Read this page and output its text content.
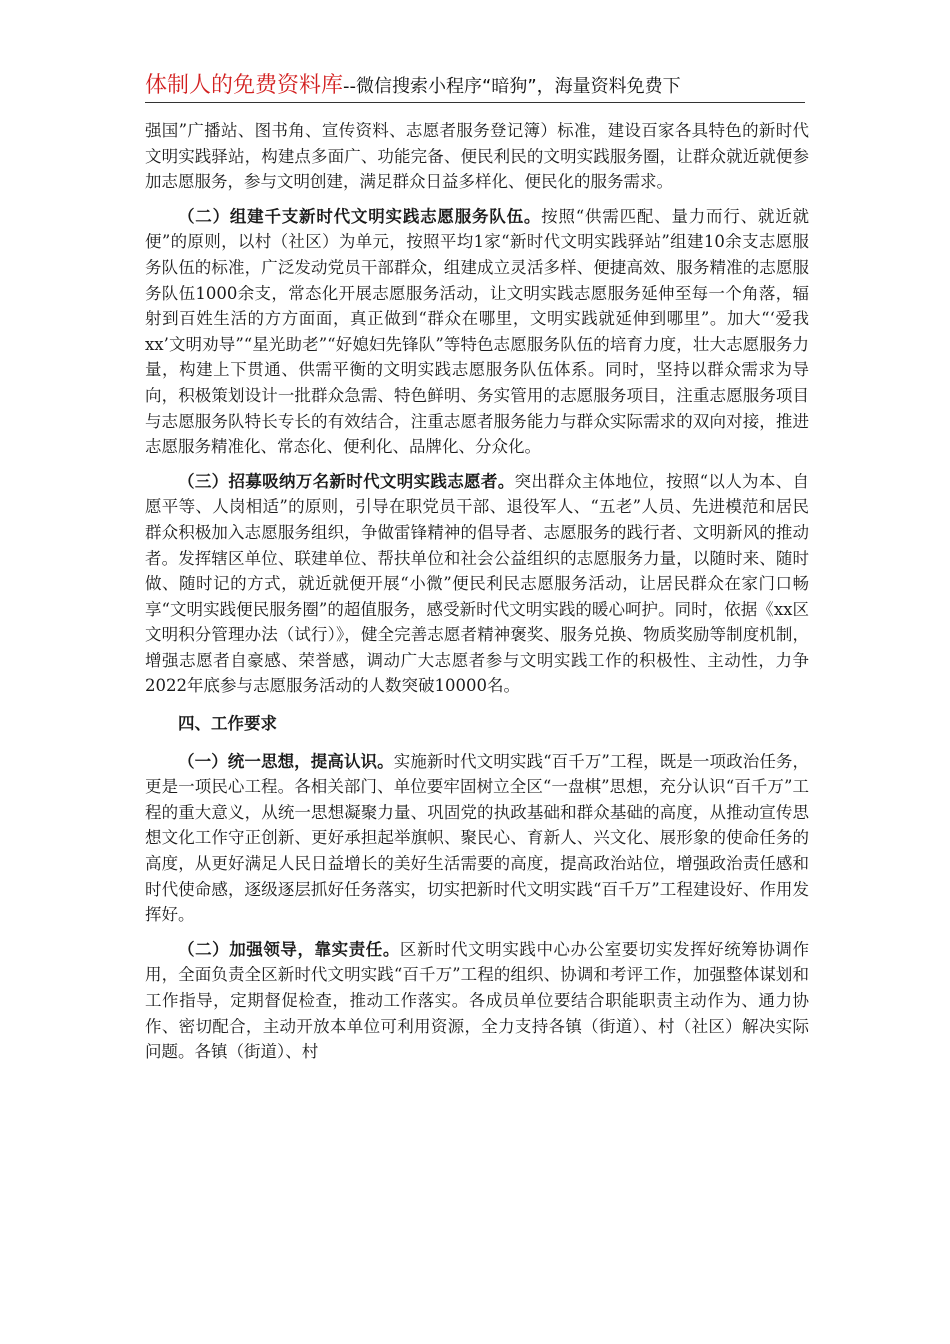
体制人的免费资料库--微信搜索小程序“暗狗”，海量资料免费下

强国”广播站、图书角、宣传资料、志愿者服务登记簿）标准，建设百家各具特色的新时代文明实践驿站，构建点多面广、功能完备、便民利民的文明实践服务圈，让群众就近就便参加志愿服务，参与文明创建，满足群众日益多样化、便民化的服务需求。

（二）组建千支新时代文明实践志愿服务队伍。按照“供需匹配、量力而行、就近就便”的原则，以村（社区）为单元，按照平均1家“新时代文明实践驿站”组建10余支志愿服务队伍的标准，广泛发动党员干部群众，组建成立灵活多样、便捷高效、服务精准的志愿服务队伍1000余支，常态化开展志愿服务活动，让文明实践志愿服务延伸至每一个角落，辐射到百姓生活的方方面面，真正做到“群众在哪里，文明实践就延伸到哪里”。加大“‘爱我xx’文明劝导”“星光助老”“好媳妇先锋队”等特色志愿服务队伍的培育力度，壮大志愿服务力量，构建上下贯通、供需平衡的文明实践志愿服务队伍体系。同时，坚持以群众需求为导向，积极策划设计一批群众急需、特色鲜明、务实管用的志愿服务项目，注重志愿服务项目与志愿服务队特长专长的有效结合，注重志愿者服务能力与群众实际需求的双向对接，推进志愿服务精准化、常态化、便利化、品牌化、分众化。

（三）招募吸纳万名新时代文明实践志愿者。突出群众主体地位，按照“以人为本、自愿平等、人岗相适”的原则，引导在职党员干部、退役军人、“五老”人员、先进模范和居民群众积极加入志愿服务组织，争做雷锋精神的倡导者、志愿服务的践行者、文明新风的推动者。发挥辖区单位、联建单位、帮扶单位和社会公益组织的志愿服务力量，以随时来、随时做、随时记的方式，就近就便开展“小微”便民利民志愿服务活动，让居民群众在家门口畅享“文明实践便民服务圈”的超值服务，感受新时代文明实践的暖心呵护。同时，依据《xx区文明积分管理办法（试行）》，健全完善志愿者精神褒奖、服务兑换、物质奖励等制度机制，增强志愿者自豪感、荣誉感，调动广大志愿者参与文明实践工作的积极性、主动性，力争2022年底参与志愿服务活动的人数突破10000名。

四、工作要求

（一）统一思想，提高认识。实施新时代文明实践“百千万”工程，既是一项政治任务，更是一项民心工程。各相关部门、单位要牢固树立全区“一盘棋”思想，充分认识“百千万”工程的重大意义，从统一思想凝聚力量、巩固党的执政基础和群众基础的高度，从推动宣传思想文化工作守正创新、更好承担起举旗帜、聚民心、育新人、兴文化、展形象的使命任务的高度，从更好满足人民日益增长的美好生活需要的高度，提高政治站位，增强政治责任感和时代使命感，逐级逐层抓好任务落实，切实把新时代文明实践“百千万”工程建设好、作用发挥好。

（二）加强领导，靠实责任。区新时代文明实践中心办公室要切实发挥好统筹协调作用，全面负责全区新时代文明实践“百千万”工程的组织、协调和考评工作，加强整体谋划和工作指导，定期督促检查，推动工作落实。各成员单位要结合职能职责主动作为、通力协作、密切配合，主动开放本单位可利用资源，全力支持各镇（街道）、村（社区）解决实际问题。各镇（街道）、村
